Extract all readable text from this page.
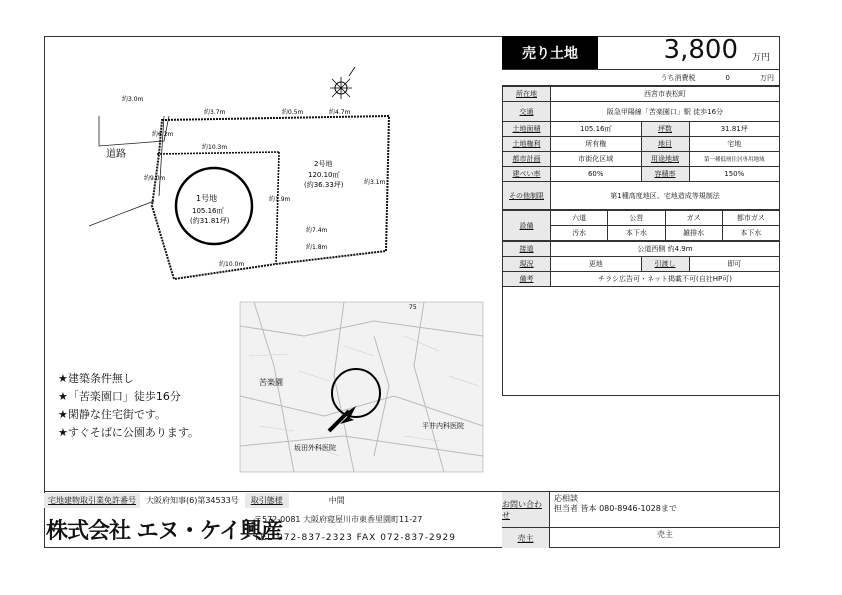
道路
1号地
105.16㎡
(約31.81坪)
2号地
120.10㎡
(約36.33坪)
約3.0m
約3.7m	約0.5m	約4.7m
約10.3m
約6.2m
約9.0m
約1.9m
約1.8m
約7.4m
約10.0m
約3.1m
苦楽園
平井内科医院
坂田外科医院
75
売り土地	3,800 万円
うち消費税	0	万円
所在地	西宮市表松町		
交通	阪急甲陽線「苦楽園口」駅 徒歩16分		
土地面積	105.16㎡	坪数	31.81坪
土地権利	所有権	地目	宅地
都市計画	市街化区域	用途地域	第一種低層住居専用地域
建ぺい率	60%	容積率	150%
その他制限	第1種高度地区、宅地造成等規制法		
設備	六道	公営	ガス	都市ガス
	汚水	本下水	雑排水	本下水
接道	公道西側 約4.9m		
現況	更地	引渡し	即可
備考	チラシ広告可・ネット掲載不可(自社HP可)		

★建築条件無し
★「苦楽園口」徒歩16分
★閑静な住宅街です。
★すぐそばに公園あります。
宅地建物取引業免許番号	大阪府知事(6)第34533号	取引態様	中間
株式会社 エヌ・ケイ興産
〒572-0081 大阪府寝屋川市東香里園町11-27
TEL 072-837-2323 FAX 072-837-2929
お問い合わせ
応相談
担当者 皆本 080-8946-1028まで
売主	売主
